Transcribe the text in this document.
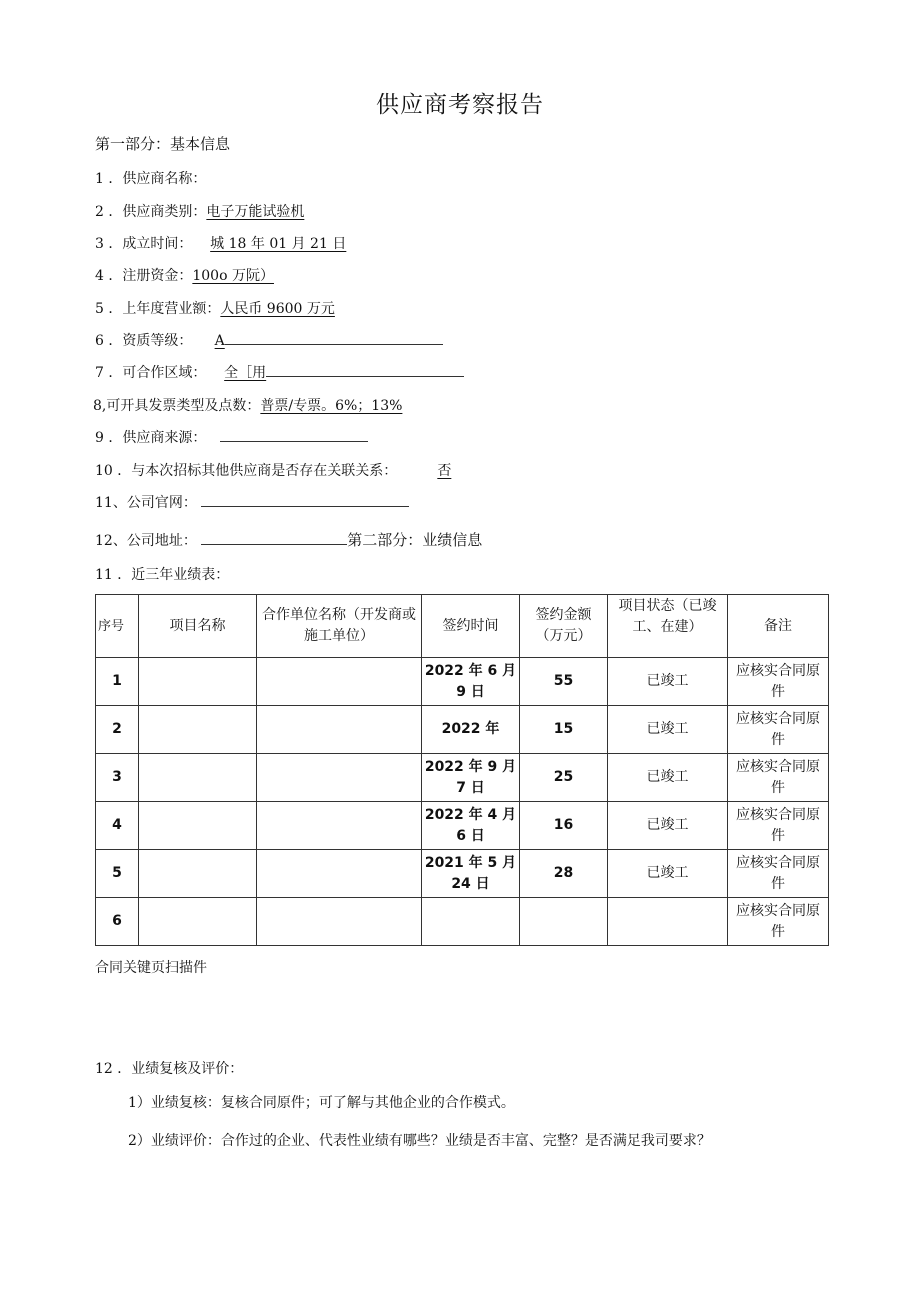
供应商考察报告
第一部分：基本信息
1 ．供应商名称：
2 ．供应商类别：电子万能试验机
3 ．成立时间： 城 18 年 01 月 21 日
4 ．注册资金：100o 万阮）
5 ．上年度营业额：人民币 9600 万元
6 ．资质等级： A
7 ．可合作区域： 全［用
8,可开具发票类型及点数：普票/专票。6%；13%
9 ．供应商来源：
10 ．与本次招标其他供应商是否存在关联关系：	否
11、公司官网：
12、公司地址：	第二部分：业绩信息
11 ．近三年业绩表：
序号	项目名称	合作单位名称（开发商或施工单位）	签约时间	签约金额（万元）	项目状态（已竣工、在建）	备注
1			2022 年 6 月 9 日	55	已竣工	应核实合同原件
2			2022 年	15	已竣工	应核实合同原件
3			2022 年 9 月 7 日	25	已竣工	应核实合同原件
4			2022 年 4 月 6 日	16	已竣工	应核实合同原件
5			2021 年 5 月 24 日	28	已竣工	应核实合同原件
6						应核实合同原件
合同关键页扫描件
12 ．业绩复核及评价：
1）业绩复核：复核合同原件；可了解与其他企业的合作模式。
2）业绩评价：合作过的企业、代表性业绩有哪些？业绩是否丰富、完整？是否满足我司要求？
